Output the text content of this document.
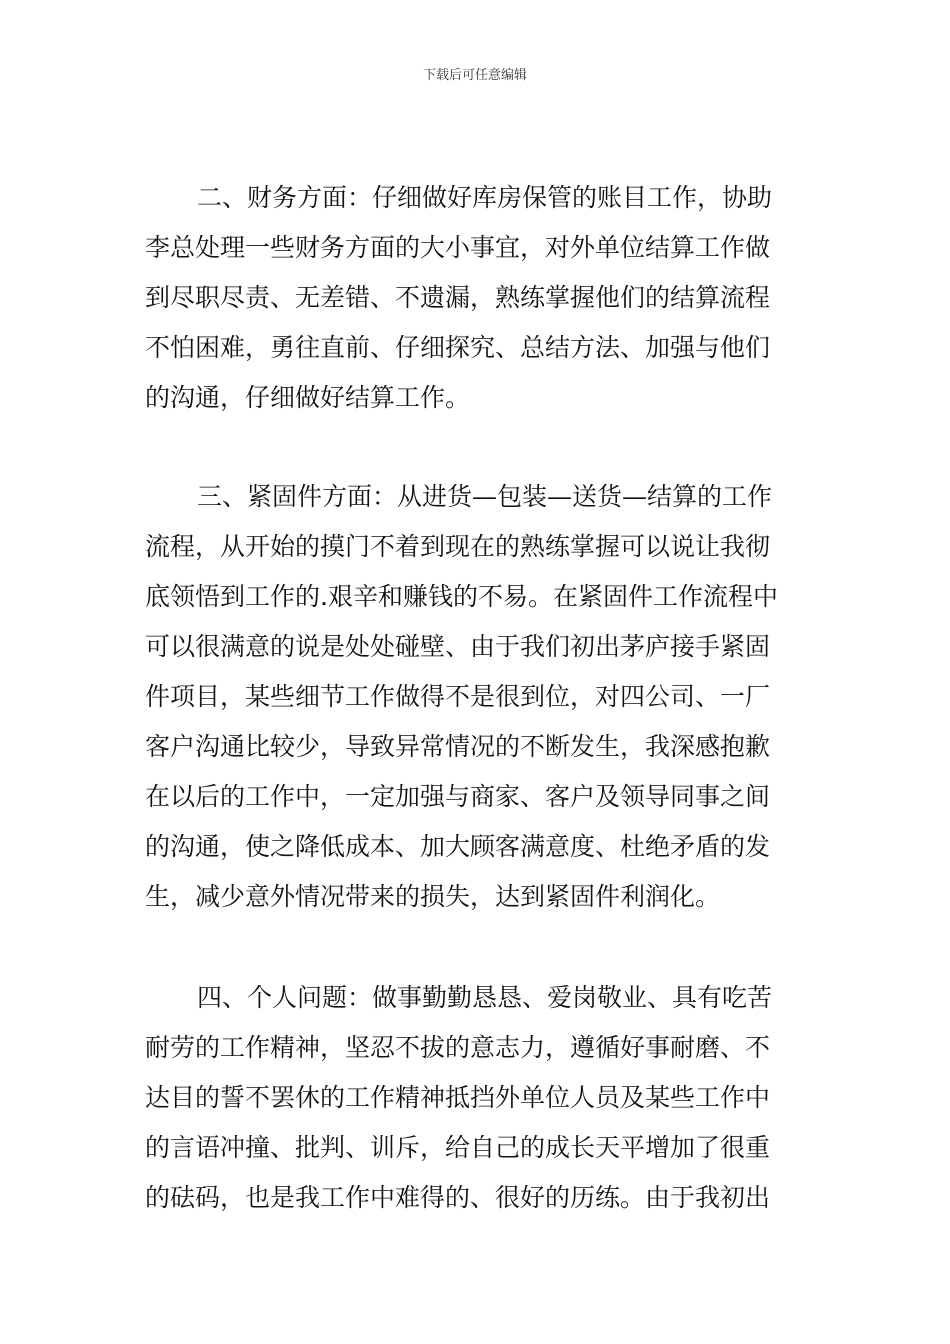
下载后可任意编辑
二、财务方面：仔细做好库房保管的账目工作，协助
李总处理一些财务方面的大小事宜，对外单位结算工作做
到尽职尽责、无差错、不遗漏，熟练掌握他们的结算流程
不怕困难，勇往直前、仔细探究、总结方法、加强与他们
的沟通，仔细做好结算工作。
三、紧固件方面：从进货—包装—送货—结算的工作
流程，从开始的摸门不着到现在的熟练掌握可以说让我彻
底领悟到工作的.艰辛和赚钱的不易。在紧固件工作流程中
可以很满意的说是处处碰壁、由于我们初出茅庐接手紧固
件项目，某些细节工作做得不是很到位，对四公司、一厂
客户沟通比较少，导致异常情况的不断发生，我深感抱歉
在以后的工作中，一定加强与商家、客户及领导同事之间
的沟通，使之降低成本、加大顾客满意度、杜绝矛盾的发
生，减少意外情况带来的损失，达到紧固件利润化。
四、个人问题：做事勤勤恳恳、爱岗敬业、具有吃苦
耐劳的工作精神，坚忍不拔的意志力，遵循好事耐磨、不
达目的誓不罢休的工作精神抵挡外单位人员及某些工作中
的言语冲撞、批判、训斥，给自己的成长天平增加了很重
的砝码，也是我工作中难得的、很好的历练。由于我初出
